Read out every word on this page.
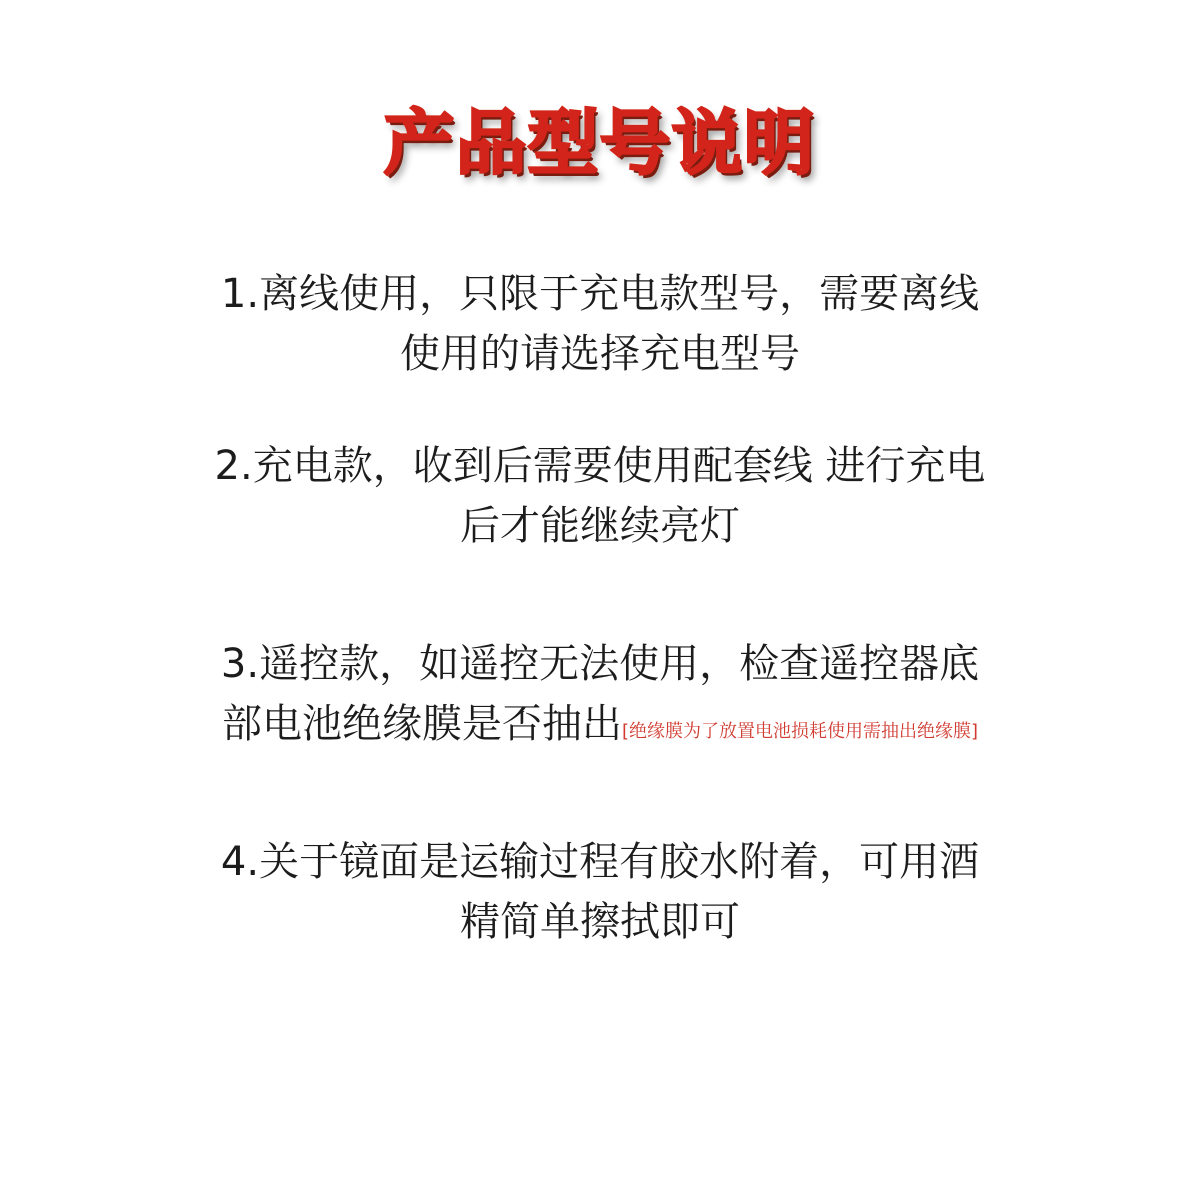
产品型号说明
1.离线使用，只限于充电款型号，需要离线
使用的请选择充电型号
2.充电款，收到后需要使用配套线 进行充电
后才能继续亮灯
3.遥控款，如遥控无法使用，检查遥控器底
部电池绝缘膜是否抽出[绝缘膜为了放置电池损耗使用需抽出绝缘膜]
4.关于镜面是运输过程有胶水附着，可用酒
精简单擦拭即可
